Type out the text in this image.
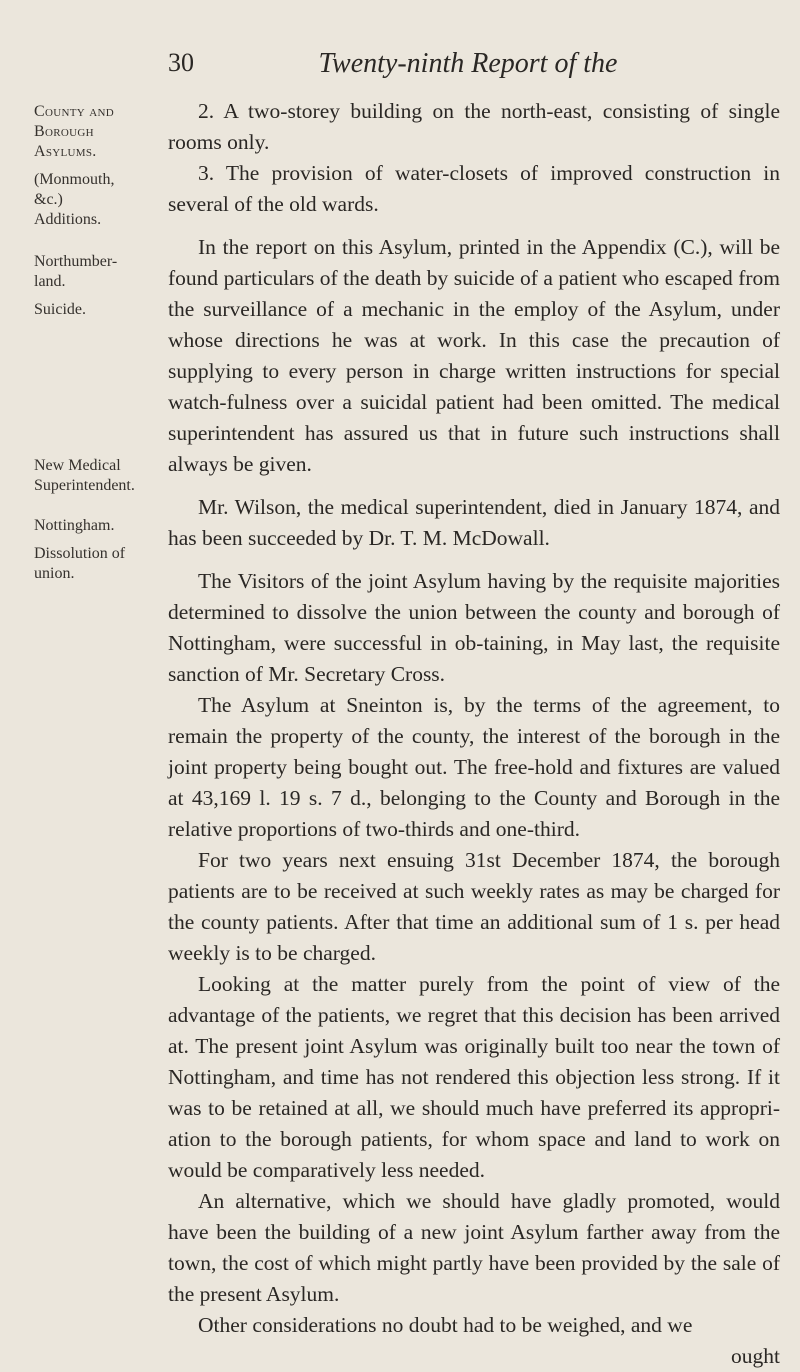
30	Twenty-ninth Report of the
County and
Borough
Asylums.
(Monmouth,
&c.)
Additions.
Northumber-
land.
Suicide.
New Medical
Superintendent.
Nottingham.
Dissolution of
union.

2. A two-storey building on the north-east, consisting of single rooms only.

3. The provision of water-closets of improved construction in several of the old wards.

In the report on this Asylum, printed in the Appendix (C.), will be found particulars of the death by suicide of a patient who escaped from the surveillance of a mechanic in the employ of the Asylum, under whose directions he was at work. In this case the precaution of supplying to every person in charge written instructions for special watch-fulness over a suicidal patient had been omitted. The medical superintendent has assured us that in future such instructions shall always be given.

Mr. Wilson, the medical superintendent, died in January 1874, and has been succeeded by Dr. T. M. McDowall.

The Visitors of the joint Asylum having by the requisite majorities determined to dissolve the union between the county and borough of Nottingham, were successful in ob-taining, in May last, the requisite sanction of Mr. Secretary Cross.

The Asylum at Sneinton is, by the terms of the agreement, to remain the property of the county, the interest of the borough in the joint property being bought out. The free-hold and fixtures are valued at 43,169 l. 19 s. 7 d., belonging to the County and Borough in the relative proportions of two-thirds and one-third.

For two years next ensuing 31st December 1874, the borough patients are to be received at such weekly rates as may be charged for the county patients. After that time an additional sum of 1 s. per head weekly is to be charged.

Looking at the matter purely from the point of view of the advantage of the patients, we regret that this decision has been arrived at. The present joint Asylum was originally built too near the town of Nottingham, and time has not rendered this objection less strong. If it was to be retained at all, we should much have preferred its appropri-ation to the borough patients, for whom space and land to work on would be comparatively less needed.

An alternative, which we should have gladly promoted, would have been the building of a new joint Asylum farther away from the town, the cost of which might partly have been provided by the sale of the present Asylum.

Other considerations no doubt had to be weighed, and we

ought
